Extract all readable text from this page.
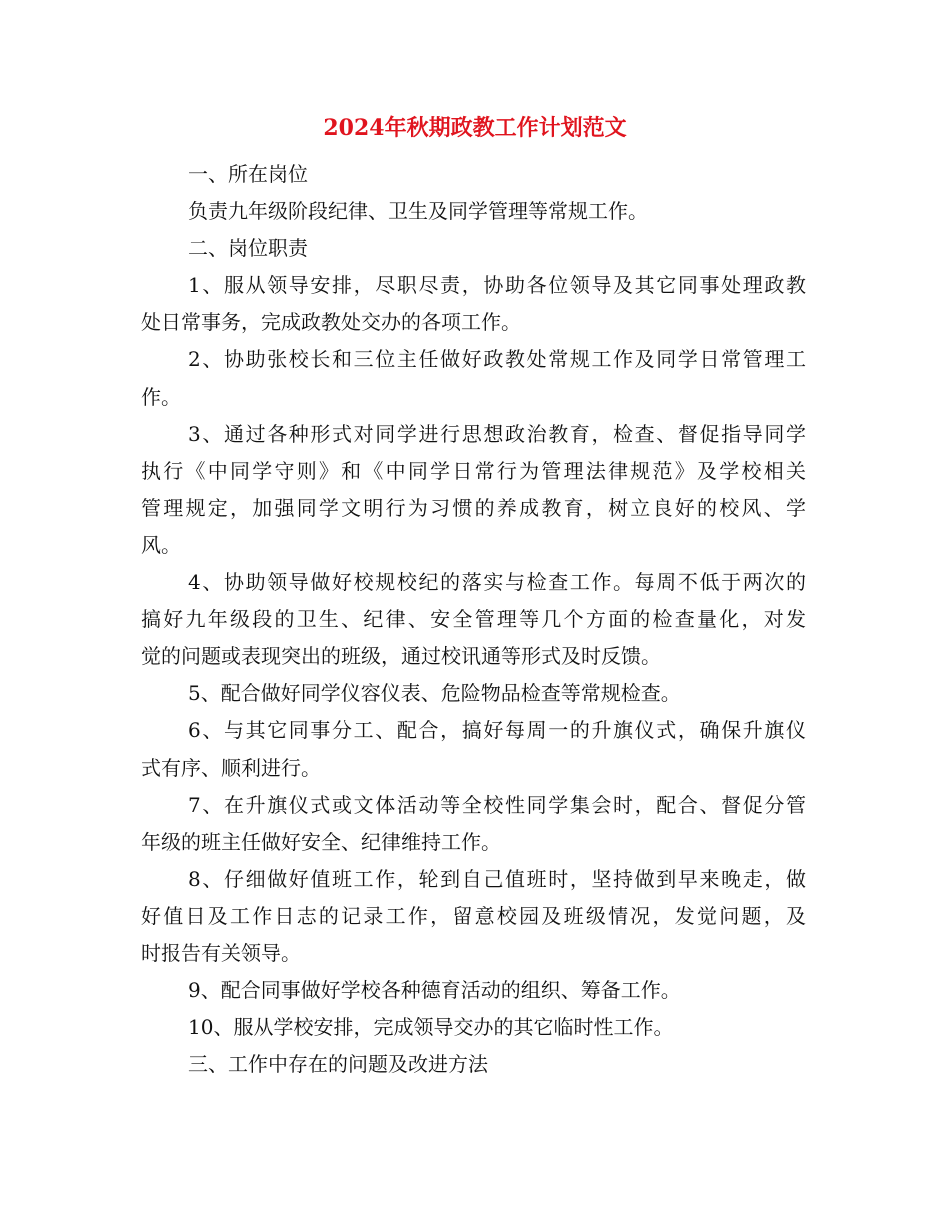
2024年秋期政教工作计划范文
一、所在岗位
负责九年级阶段纪律、卫生及同学管理等常规工作。
二、岗位职责
1、服从领导安排，尽职尽责，协助各位领导及其它同事处理政教
处日常事务，完成政教处交办的各项工作。
2、协助张校长和三位主任做好政教处常规工作及同学日常管理工
作。
3、通过各种形式对同学进行思想政治教育，检查、督促指导同学
执行《中同学守则》和《中同学日常行为管理法律规范》及学校相关
管理规定，加强同学文明行为习惯的养成教育，树立良好的校风、学
风。
4、协助领导做好校规校纪的落实与检查工作。每周不低于两次的
搞好九年级段的卫生、纪律、安全管理等几个方面的检查量化，对发
觉的问题或表现突出的班级，通过校讯通等形式及时反馈。
5、配合做好同学仪容仪表、危险物品检查等常规检查。
6、与其它同事分工、配合，搞好每周一的升旗仪式，确保升旗仪
式有序、顺利进行。
7、在升旗仪式或文体活动等全校性同学集会时，配合、督促分管
年级的班主任做好安全、纪律维持工作。
8、仔细做好值班工作，轮到自己值班时，坚持做到早来晚走，做
好值日及工作日志的记录工作，留意校园及班级情况，发觉问题，及
时报告有关领导。
9、配合同事做好学校各种德育活动的组织、筹备工作。
10、服从学校安排，完成领导交办的其它临时性工作。
三、工作中存在的问题及改进方法
